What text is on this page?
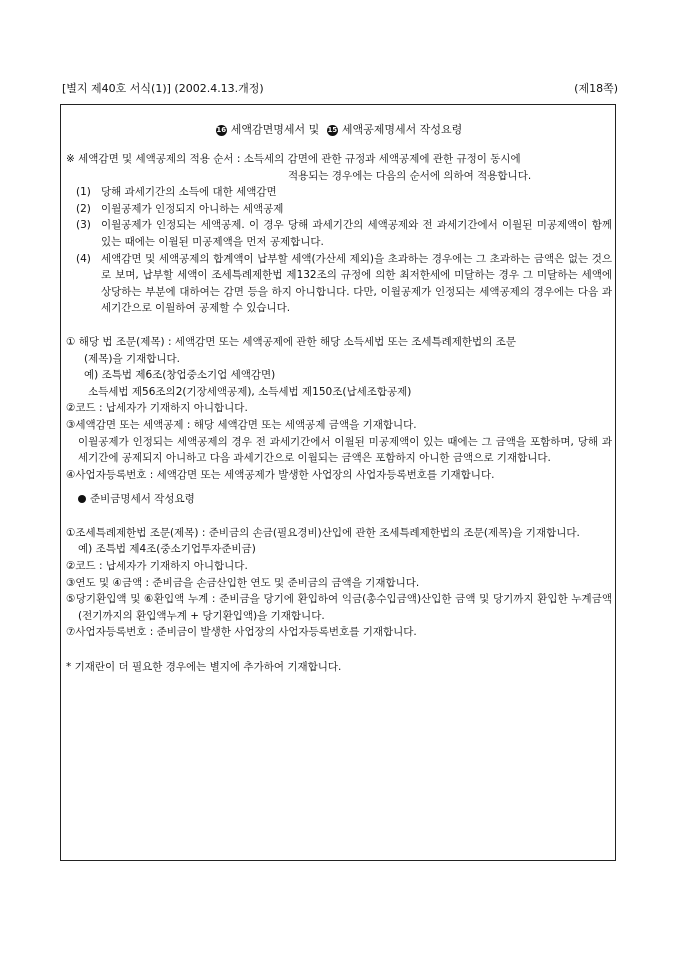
[별지 제40호 서식(1)] (2002.4.13.개정)	(제18쪽)
16 세액감면명세서 및 15 세액공제명세서 작성요령

※ 세액감면 및 세액공제의 적용 순서 : 소득세의 감면에 관한 규정과 세액공제에 관한 규정이 동시에

적용되는 경우에는 다음의 순서에 의하여 적용합니다.

(1) 당해 과세기간의 소득에 대한 세액감면

(2) 이월공제가 인정되지 아니하는 세액공제

(3) 이월공제가 인정되는 세액공제. 이 경우 당해 과세기간의 세액공제와 전 과세기간에서 이월된 미공제액이 함께 있는 때에는 이월된 미공제액을 먼저 공제합니다.

(4) 세액감면 및 세액공제의 합계액이 납부할 세액(가산세 제외)을 초과하는 경우에는 그 초과하는 금액은 없는 것으로 보며, 납부할 세액이 조세특례제한법 제132조의 규정에 의한 최저한세에 미달하는 경우 그 미달하는 세액에 상당하는 부분에 대하여는 감면 등을 하지 아니합니다. 다만, 이월공제가 인정되는 세액공제의 경우에는 다음 과세기간으로 이월하여 공제할 수 있습니다.

① 해당 법 조문(제목) : 세액감면 또는 세액공제에 관한 해당 소득세법 또는 조세특례제한법의 조문

(제목)을 기재합니다.

예) 조특법 제6조(창업중소기업 세액감면)

소득세법 제56조의2(기장세액공제), 소득세법 제150조(납세조합공제)

②코드 : 납세자가 기재하지 아니합니다.

③세액감면 또는 세액공제 : 해당 세액감면 또는 세액공제 금액을 기재합니다.

이월공제가 인정되는 세액공제의 경우 전 과세기간에서 이월된 미공제액이 있는 때에는 그 금액을 포함하며, 당해 과세기간에 공제되지 아니하고 다음 과세기간으로 이월되는 금액은 포함하지 아니한 금액으로 기재합니다.

④사업자등록번호 : 세액감면 또는 세액공제가 발생한 사업장의 사업자등록번호를 기재합니다.

준비금명세서 작성요령

①조세특례제한법 조문(제목) : 준비금의 손금(필요경비)산입에 관한 조세특례제한법의 조문(제목)을 기재합니다.

예) 조특법 제4조(중소기업투자준비금)

②코드 : 납세자가 기재하지 아니합니다.

③연도 및 ④금액 : 준비금을 손금산입한 연도 및 준비금의 금액을 기재합니다.

⑤당기환입액 및 ⑥환입액 누계 : 준비금을 당기에 환입하여 익금(총수입금액)산입한 금액 및 당기까지 환입한 누계금액(전기까지의 환입액누계 + 당기환입액)을 기재합니다.

⑦사업자등록번호 : 준비금이 발생한 사업장의 사업자등록번호를 기재합니다.

* 기재란이 더 필요한 경우에는 별지에 추가하여 기재합니다.
